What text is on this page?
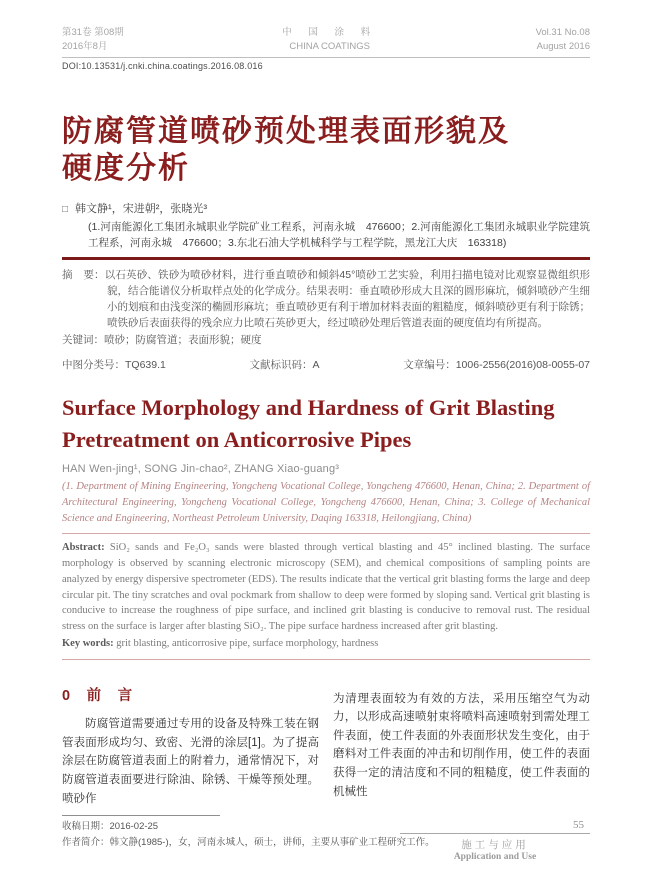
第31卷 第08期
2016年8月
中 国 涂 料
CHINA COATINGS
Vol.31 No.08
August 2016
DOI:10.13531/j.cnki.china.coatings.2016.08.016
防腐管道喷砂预处理表面形貌及
硬度分析
□ 韩文静¹，宋进朝²，张晓光³
(1.河南能源化工集团永城职业学院矿业工程系，河南永城　476600；2.河南能源化工集团永城职业学院建筑工程系，河南永城　476600；3.东北石油大学机械科学与工程学院，黑龙江大庆　163318)

摘　要：以石英砂、铁砂为喷砂材料，进行垂直喷砂和倾斜45°喷砂工艺实验，利用扫描电镜对比观察显微组织形貌，结合能谱仪分析取样点处的化学成分。结果表明：垂直喷砂形成大且深的圆形麻坑，倾斜喷砂产生细小的划痕和由浅变深的椭圆形麻坑；垂直喷砂更有利于增加材料表面的粗糙度，倾斜喷砂更有利于除锈；喷铁砂后表面获得的残余应力比喷石英砂更大，经过喷砂处理后管道表面的硬度值均有所提高。

关键词：喷砂；防腐管道；表面形貌；硬度

中图分类号：TQ639.1	文献标识码：A	文章编号：1006-2556(2016)08-0055-07
Surface Morphology and Hardness of Grit Blasting
Pretreatment on Anticorrosive Pipes
HAN Wen-jing¹, SONG Jin-chao², ZHANG Xiao-guang³
(1. Department of Mining Engineering, Yongcheng Vocational College, Yongcheng 476600, Henan, China; 2. Department of Architectural Engineering, Yongcheng Vocational College, Yongcheng 476600, Henan, China; 3. College of Mechanical Science and Engineering, Northeast Petroleum University, Daqing 163318, Heilongjiang, China)

Abstract: SiO₂ sands and Fe₂O₃ sands were blasted through vertical blasting and 45° inclined blasting. The surface morphology is observed by scanning electronic microscopy (SEM), and chemical compositions of sampling points are analyzed by energy dispersive spectrometer (EDS). The results indicate that the vertical grit blasting forms the large and deep circular pit. The tiny scratches and oval pockmark from shallow to deep were formed by sloping sand. Vertical grit blasting is conducive to increase the roughness of pipe surface, and inclined grit blasting is conducive to removal rust. The residual stress on the surface is larger after blasting SiO₂. The pipe surface hardness increased after grit blasting.

Key words: grit blasting, anticorrosive pipe, surface morphology, hardness

0　前　言

防腐管道需要通过专用的设备及特殊工装在钢管表面形成均匀、致密、光滑的涂层[1]。为了提高涂层在防腐管道表面上的附着力，通常情况下，对防腐管道表面要进行除油、除锈、干燥等预处理。喷砂作

为清理表面较为有效的方法，采用压缩空气为动力，以形成高速喷射束将喷料高速喷射到需处理工件表面，使工件表面的外表面形状发生变化，由于磨料对工件表面的冲击和切削作用，使工件的表面获得一定的清洁度和不同的粗糙度，使工件表面的机械性

收稿日期：2016-02-25

作者简介：韩文静(1985-)，女，河南永城人，硕士，讲师，主要从事矿业工程研究工作。

55
施工与应用
Application and Use
